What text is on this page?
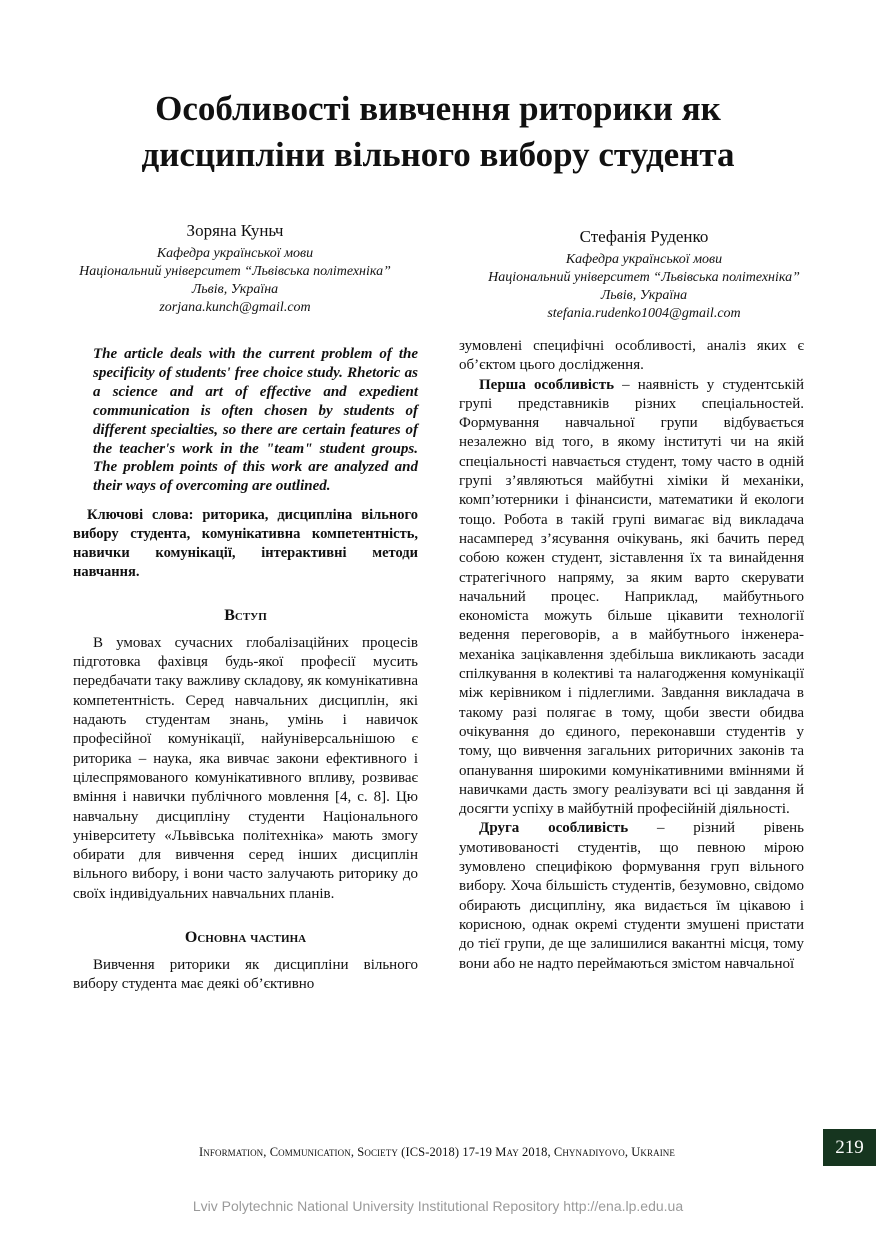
Особливості вивчення риторики як
дисципліни вільного вибору студента
Зоряна Куньч
Кафедра української мови
Національний університет “Львівська політехніка”
Львів, Україна
zorjana.kunch@gmail.com
Стефанія Руденко
Кафедра української мови
Національний університет “Львівська політехніка”
Львів, Україна
stefania.rudenko1004@gmail.com

The article deals with the current problem of the specificity of students' free choice study. Rhetoric as a science and art of effective and expedient communication is often chosen by students of different specialties, so there are certain features of the teacher's work in the "team" student groups. The problem points of this work are analyzed and their ways of overcoming are outlined.

Ключові слова: риторика, дисципліна вільного вибору студента, комунікативна компетентність, навички комунікації, інтерактивні методи навчання.

Вступ

В умовах сучасних глобалізаційних процесів підготовка фахівця будь-якої професії мусить передбачати таку важливу складову, як комунікативна компетентність. Серед навчальних дисциплін, які надають студентам знань, умінь і навичок професійної комунікації, найуніверсальнішою є риторика – наука, яка вивчає закони ефективного і цілеспрямованого комунікативного впливу, розвиває вміння і навички публічного мовлення [4, с. 8]. Цю навчальну дисципліну студенти Національного університету «Львівська політехніка» мають змогу обирати для вивчення серед інших дисциплін вільного вибору, і вони часто залучають риторику до своїх індивідуальних навчальних планів.

Основна частина

Вивчення риторики як дисципліни вільного вибору студента має деякі об’єктивно

зумовлені специфічні особливості, аналіз яких є об’єктом цього дослідження.

Перша особливість – наявність у студентській групі представників різних спеціальностей. Формування навчальної групи відбувається незалежно від того, в якому інституті чи на якій спеціальності навчається студент, тому часто в одній групі з’являються майбутні хіміки й механіки, комп’ютерники і фінансисти, математики й екологи тощо. Робота в такій групі вимагає від викладача насамперед з’ясування очікувань, які бачить перед собою кожен студент, зіставлення їх та винайдення стратегічного напряму, за яким варто скерувати начальний процес. Наприклад, майбутнього економіста можуть більше цікавити технології ведення переговорів, а в майбутнього інженера-механіка зацікавлення здебільша викликають засади спілкування в колективі та налагодження комунікації між керівником і підлеглими. Завдання викладача в такому разі полягає в тому, щоби звести обидва очікування до єдиного, переконавши студентів у тому, що вивчення загальних риторичних законів та опанування широкими комунікативними вміннями й навичками дасть змогу реалізувати всі ці завдання й досягти успіху в майбутній професійній діяльності.

Друга особливість – різний рівень умотивованості студентів, що певною мірою зумовлено специфікою формування груп вільного вибору. Хоча більшість студентів, безумовно, свідомо обирають дисципліну, яка видається їм цікавою і корисною, однак окремі студенти змушені пристати до тієї групи, де ще залишилися вакантні місця, тому вони або не надто переймаються змістом навчальної

Information, Communication, Society (ICS-2018) 17-19 May 2018, Chynadiyovo, Ukraine	219
Lviv Polytechnic National University Institutional Repository http://ena.lp.edu.ua
